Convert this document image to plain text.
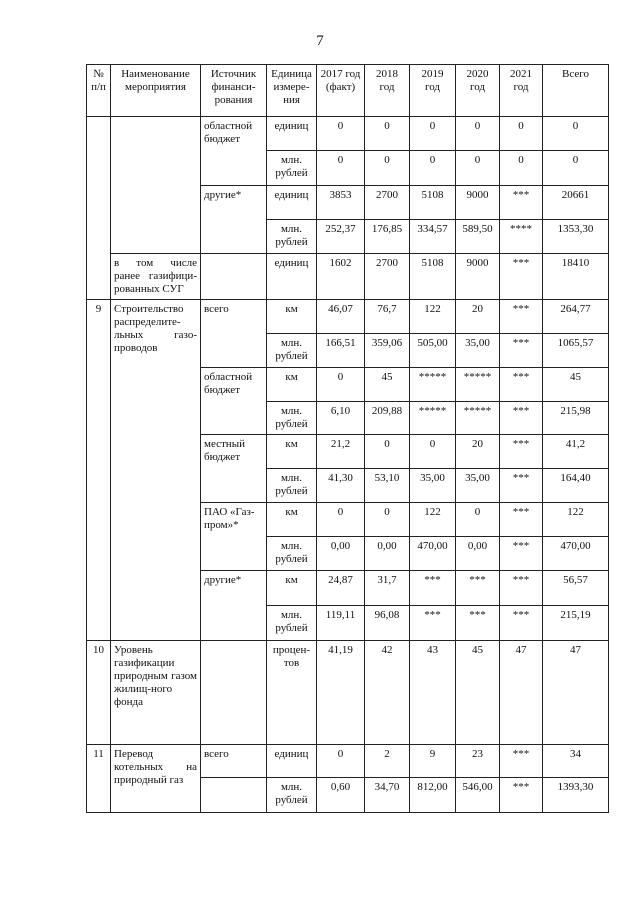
7
№ п/п	Наименование мероприятия	Источник финанси-рования	Единица измере-ния	2017 год (факт)	2018 год	2019 год	2020 год	2021 год	Всего
		областной бюджет	единиц	0	0	0	0	0	0
			млн. рублей	0	0	0	0	0	0
		другие*	единиц	3853	2700	5108	9000	***	20661
			млн. рублей	252,37	176,85	334,57	589,50	****	1353,30
	в том числе ранее газифици-рованных СУГ		единиц	1602	2700	5108	9000	***	18410
9	Строительство распределите-льных газо-проводов	всего	км	46,07	76,7	122	20	***	264,77
			млн. рублей	166,51	359,06	505,00	35,00	***	1065,57
		областной бюджет	км	0	45	*****	*****	***	45
			млн. рублей	6,10	209,88	*****	*****	***	215,98
		местный бюджет	км	21,2	0	0	20	***	41,2
			млн. рублей	41,30	53,10	35,00	35,00	***	164,40
		ПАО «Газ-пром»*	км	0	0	122	0	***	122
			млн. рублей	0,00	0,00	470,00	0,00	***	470,00
		другие*	км	24,87	31,7	***	***	***	56,57
			млн. рублей	119,11	96,08	***	***	***	215,19
10	Уровень газификации природным газом жилищ-ного фонда		процен-тов	41,19	42	43	45	47	47
11	Перевод котельных на природный газ	всего	единиц	0	2	9	23	***	34
			млн. рублей	0,60	34,70	812,00	546,00	***	1393,30
